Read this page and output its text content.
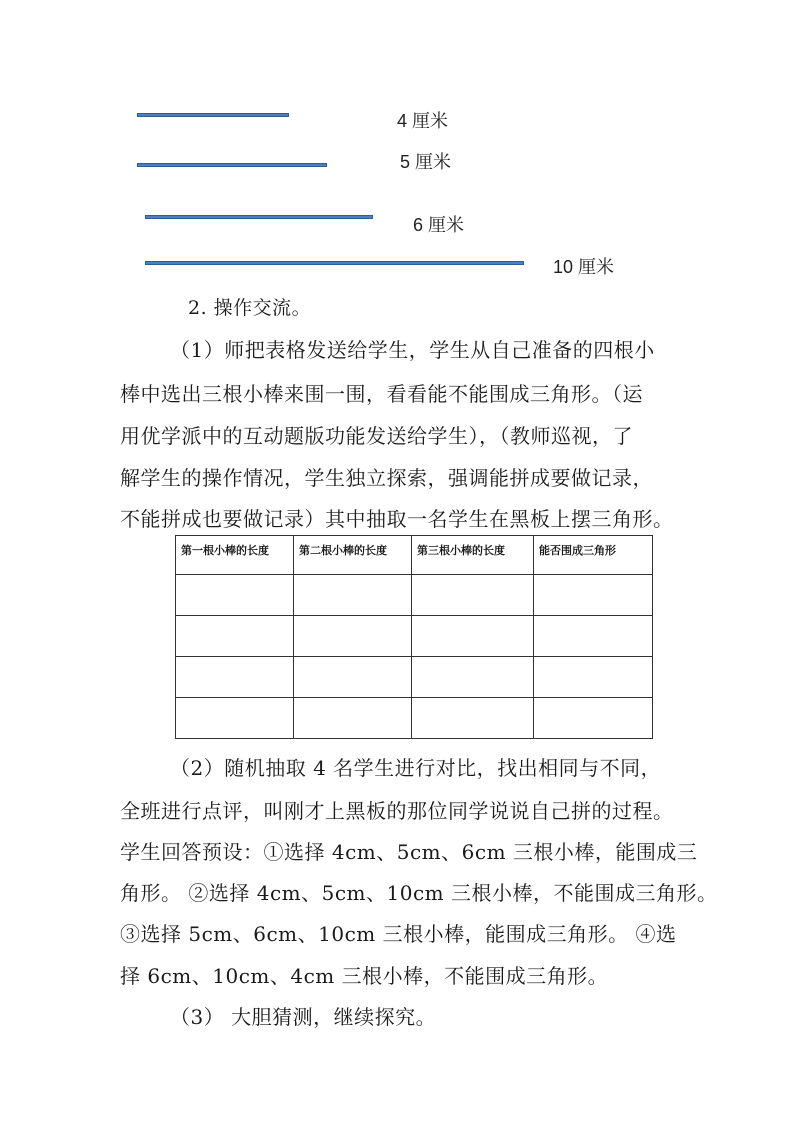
4 厘米
5 厘米
6 厘米
10 厘米
2. 操作交流。
（1）师把表格发送给学生，学生从自己准备的四根小
棒中选出三根小棒来围一围，看看能不能围成三角形。（运
用优学派中的互动题版功能发送给学生），（教师巡视，了
解学生的操作情况，学生独立探索，强调能拼成要做记录，
不能拼成也要做记录）其中抽取一名学生在黑板上摆三角形。
第一根小棒的长度	第二根小棒的长度	第三根小棒的长度	能否围成三角形

（2）随机抽取 4 名学生进行对比，找出相同与不同，
全班进行点评，叫刚才上黑板的那位同学说说自己拼的过程。
学生回答预设：①选择 4cm、5cm、6cm 三根小棒，能围成三
角形。 ②选择 4cm、5cm、10cm 三根小棒，不能围成三角形。
③选择 5cm、6cm、10cm 三根小棒，能围成三角形。 ④选
择 6cm、10cm、4cm 三根小棒，不能围成三角形。
（3） 大胆猜测，继续探究。
